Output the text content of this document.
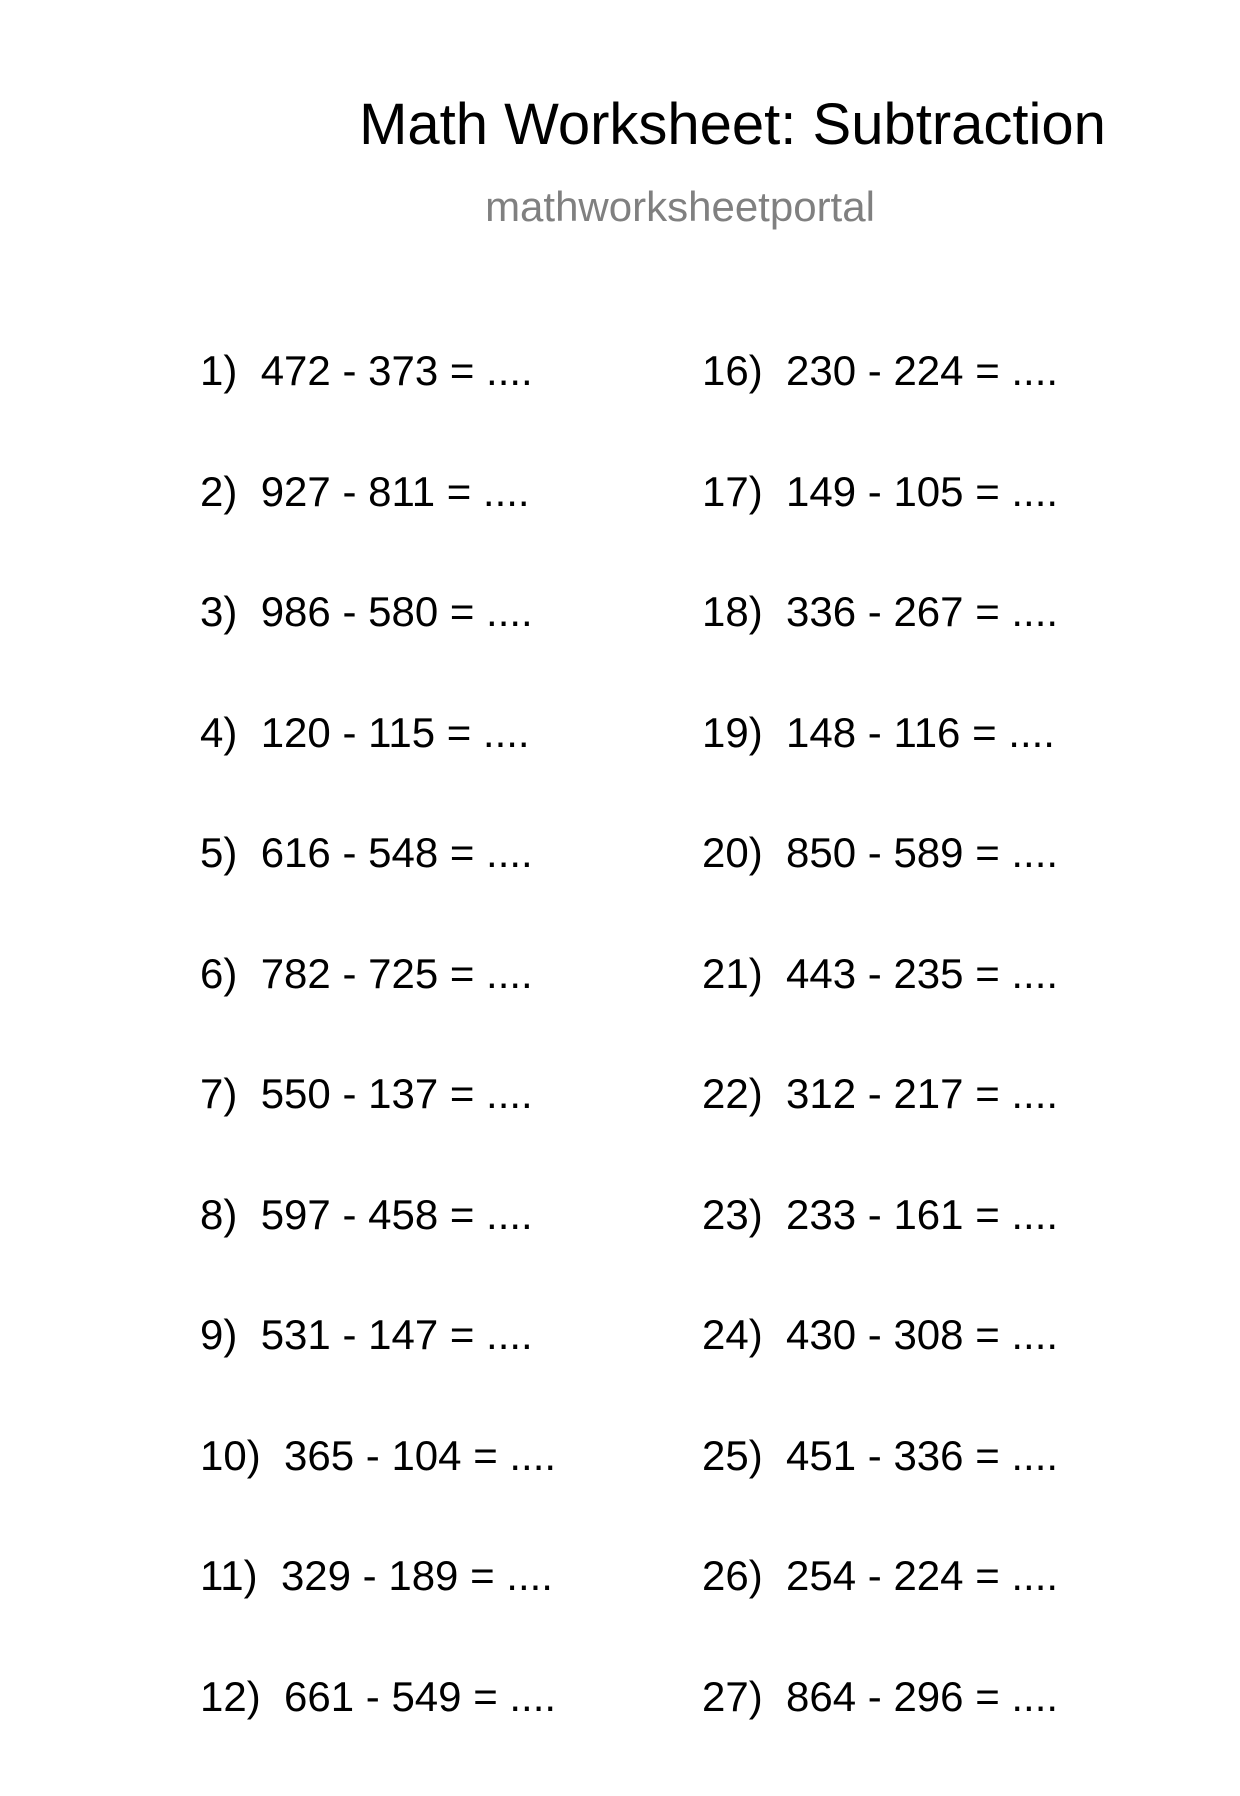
Math Worksheet: Subtraction
mathworksheetportal
1) 472 - 373 = ....
2) 927 - 811 = ....
3) 986 - 580 = ....
4) 120 - 115 = ....
5) 616 - 548 = ....
6) 782 - 725 = ....
7) 550 - 137 = ....
8) 597 - 458 = ....
9) 531 - 147 = ....
10) 365 - 104 = ....
11) 329 - 189 = ....
12) 661 - 549 = ....
16) 230 - 224 = ....
17) 149 - 105 = ....
18) 336 - 267 = ....
19) 148 - 116 = ....
20) 850 - 589 = ....
21) 443 - 235 = ....
22) 312 - 217 = ....
23) 233 - 161 = ....
24) 430 - 308 = ....
25) 451 - 336 = ....
26) 254 - 224 = ....
27) 864 - 296 = ....
